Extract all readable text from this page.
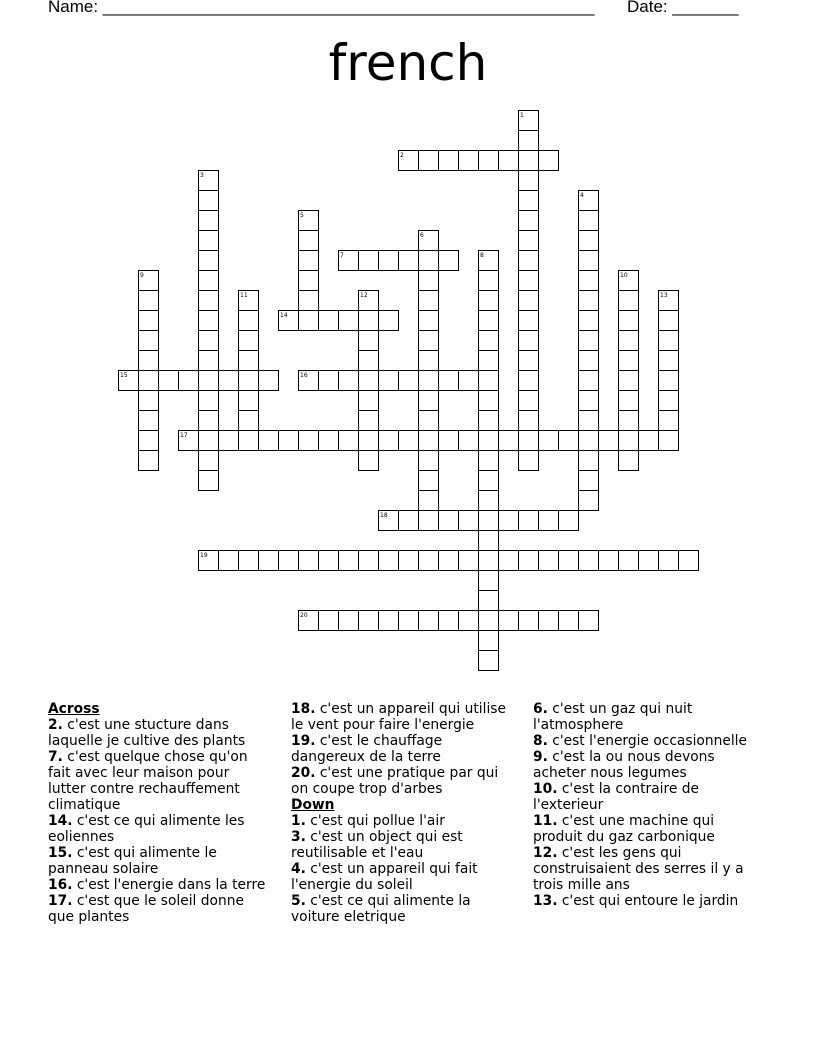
Name: ____________________________________________________ Date: _______
french
1
2
3
4
5
6
7	8
9	10
11	12	13
14
15	16
17
18
19
20
Across
2. c'est une stucture dans laquelle je cultive des plants
7. c'est quelque chose qu'on fait avec leur maison pour lutter contre rechauffement climatique
14. c'est ce qui alimente les eoliennes
15. c'est qui alimente le panneau solaire
16. c'est l'energie dans la terre
17. c'est que le soleil donne que plantes
18. c'est un appareil qui utilise le vent pour faire l'energie
19. c'est le chauffage dangereux de la terre
20. c'est une pratique par qui on coupe trop d'arbes
Down
1. c'est qui pollue l'air
3. c'est un object qui est reutilisable et l'eau
4. c'est un appareil qui fait l'energie du soleil
5. c'est ce qui alimente la voiture eletrique
6. c'est un gaz qui nuit l'atmosphere
8. c'est l'energie occasionnelle
9. c'est la ou nous devons acheter nous legumes
10. c'est la contraire de l'exterieur
11. c'est une machine qui produit du gaz carbonique
12. c'est les gens qui construisaient des serres il y a trois mille ans
13. c'est qui entoure le jardin
